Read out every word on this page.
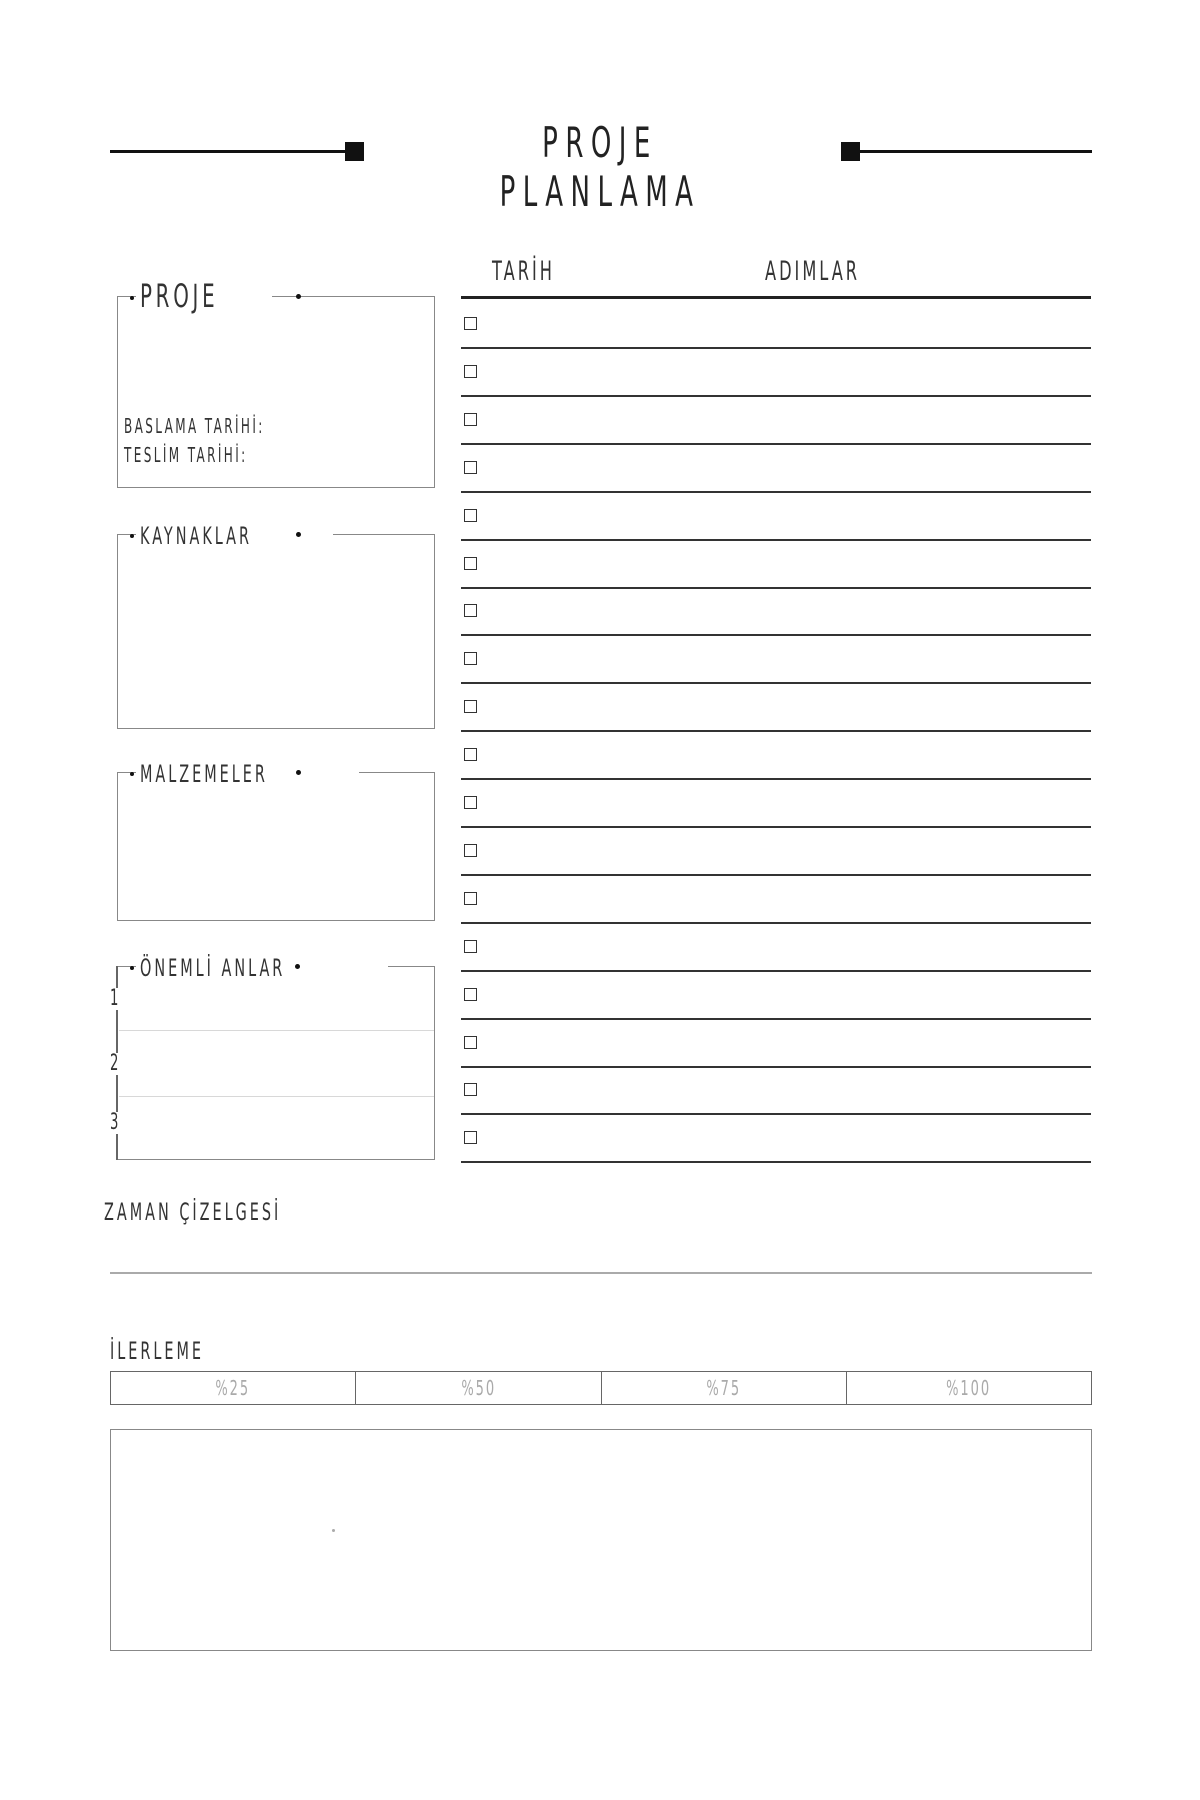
PROJE PLANLAMA
PROJE
BASLAMA TARİHİ:
TESLİM TARİHİ:
KAYNAKLAR
MALZEMELER
ÖNEMLİ ANLAR
1
2
3
TARİH	ADIMLAR
ZAMAN ÇİZELGESİ
İLERLEME
%25	%50	%75	%100
